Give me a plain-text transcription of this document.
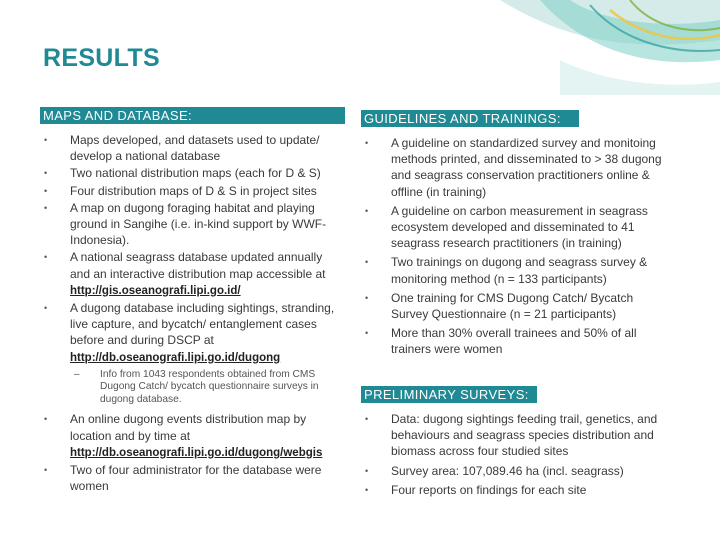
RESULTS
MAPS AND DATABASE:
• Maps developed, and datasets used to update/ develop a national database
• Two national distribution maps (each for D & S)
• Four distribution maps of D & S in project sites
• A map on dugong foraging habitat and playing ground in Sangihe (i.e. in-kind support by WWF-Indonesia).
• A national seagrass database updated annually and an interactive distribution map accessible at http://gis.oseanografi.lipi.go.id/
• A dugong database including sightings, stranding, live capture, and bycatch/ entanglement cases before and during DSCP at http://db.oseanografi.lipi.go.id/dugong
– Info from 1043 respondents obtained from CMS Dugong Catch/ bycatch questionnaire surveys in dugong database.
• An online dugong events distribution map by location and by time at http://db.oseanografi.lipi.go.id/dugong/webgis
• Two of four administrator for the database were women
GUIDELINES AND TRAININGS:
• A guideline on standardized survey and monitoing methods printed, and disseminated to > 38 dugong and seagrass conservation practitioners online & offline (in training)
• A guideline on carbon measurement in seagrass ecosystem developed and disseminated to 41 seagrass research practitioners (in training)
• Two trainings on dugong and seagrass survey & monitoring method (n = 133 participants)
• One training for CMS Dugong Catch/ Bycatch Survey Questionnaire (n = 21 participants)
• More than 30% overall trainees and 50% of all trainers were women
PRELIMINARY SURVEYS:
• Data: dugong sightings feeding trail, genetics, and behaviours and seagrass species distribution and biomass across four studied sites
• Survey area: 107,089.46 ha (incl. seagrass)
• Four reports on findings for each site
